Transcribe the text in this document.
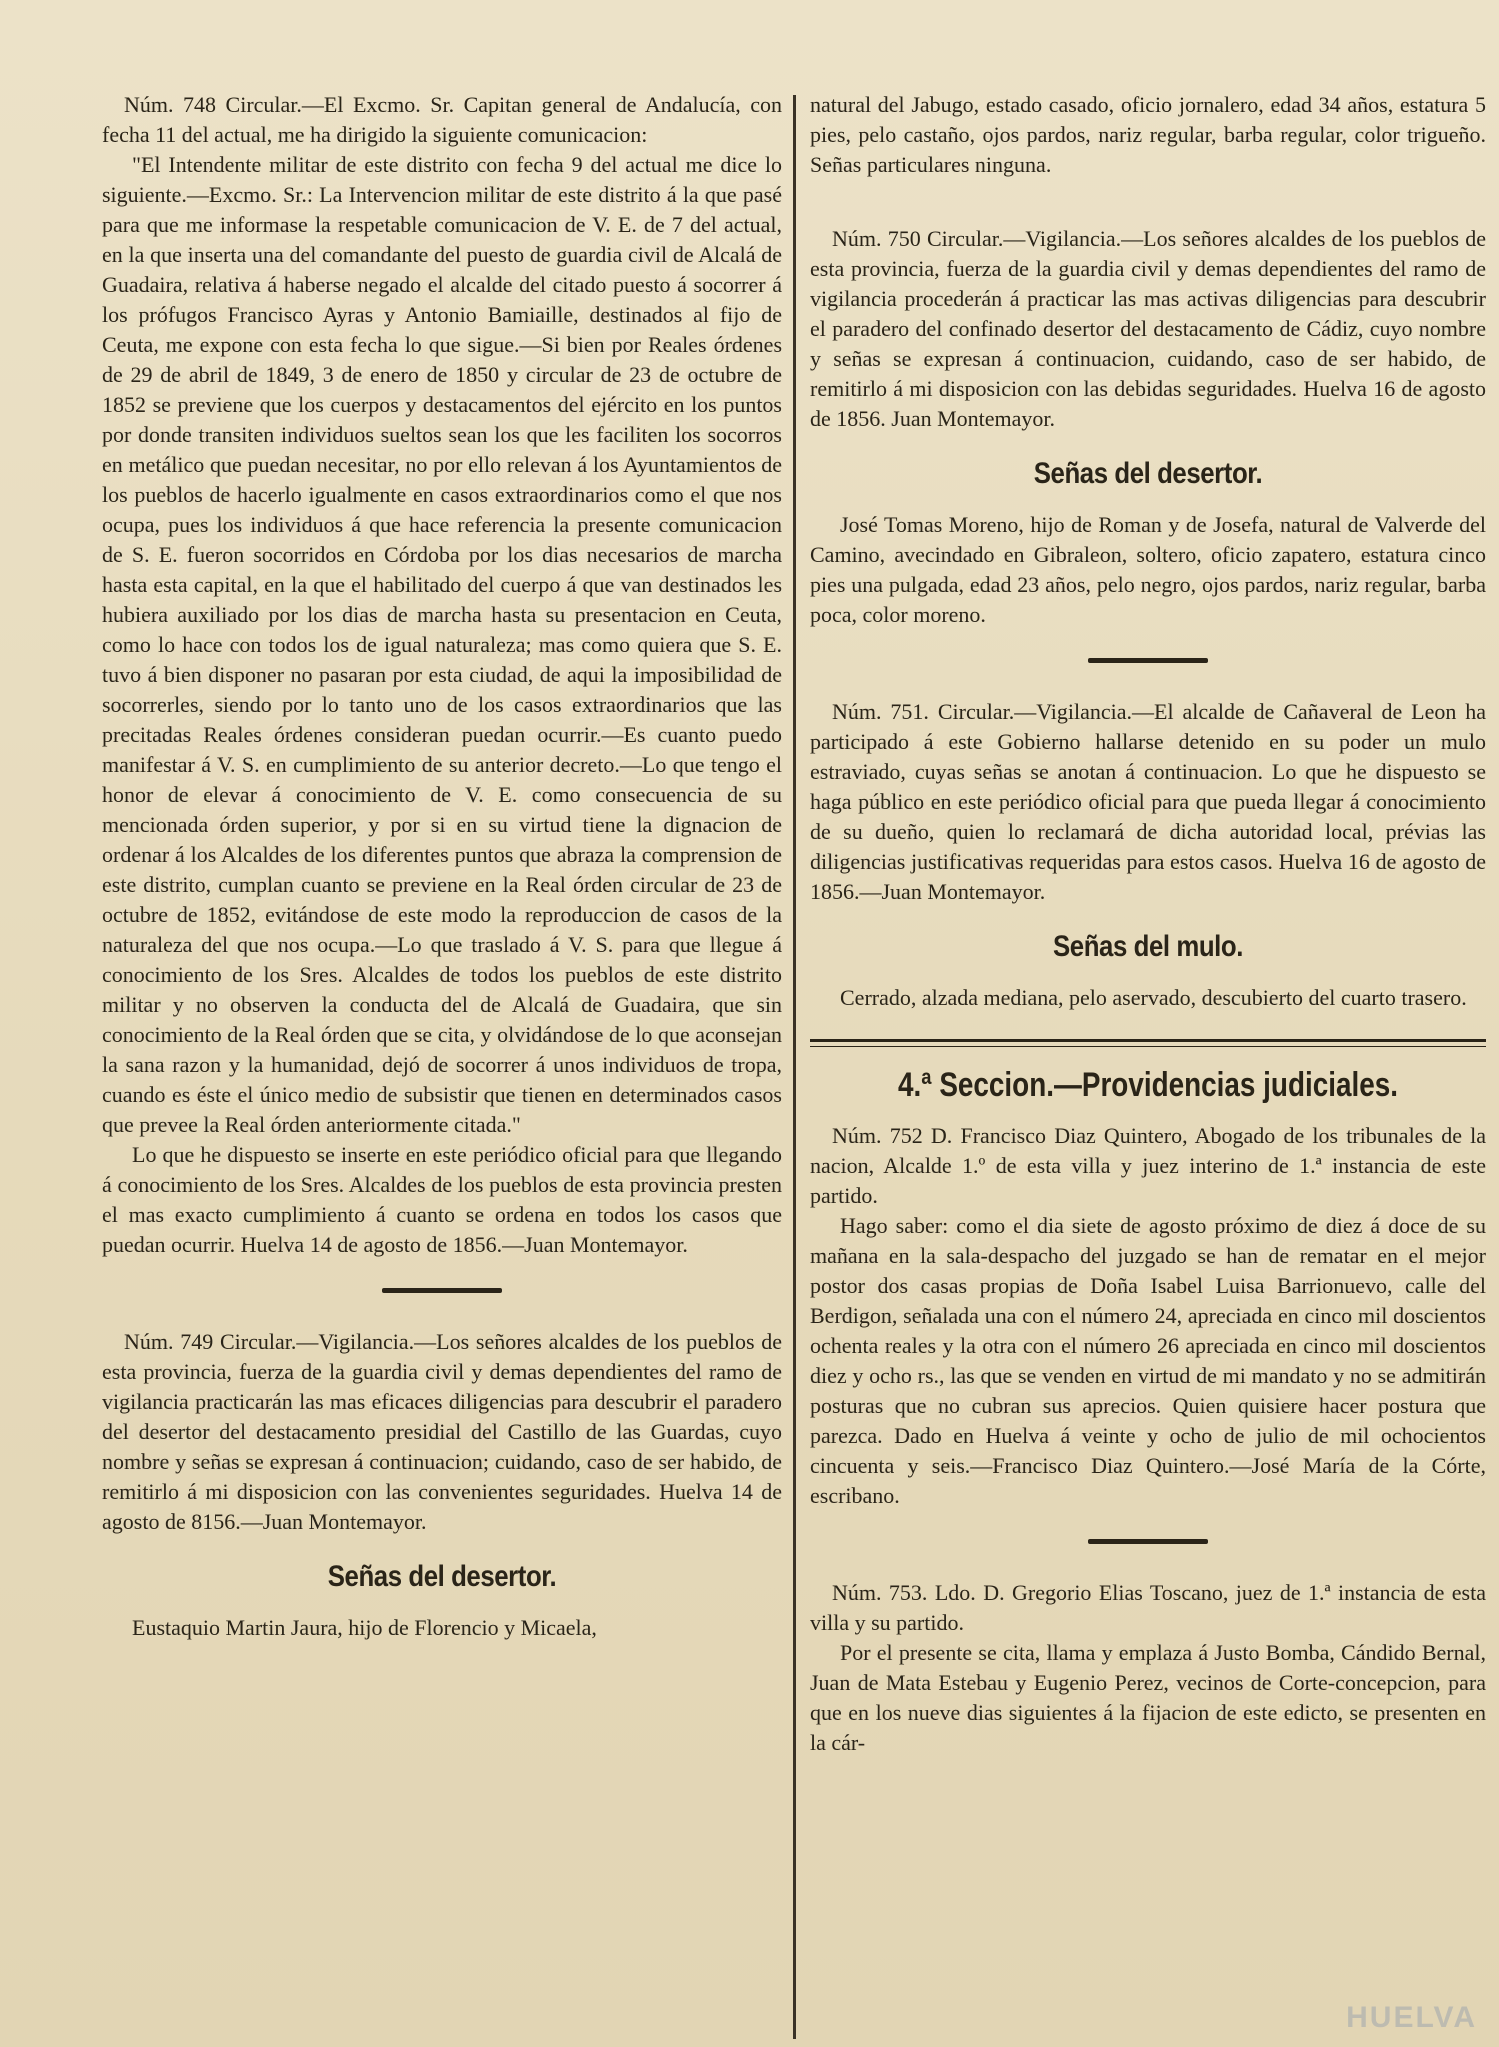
Núm. 748 Circular.—El Excmo. Sr. Capitan general de Andalucía, con fecha 11 del actual, me ha dirigido la siguiente comunicacion:

"El Intendente militar de este distrito con fecha 9 del actual me dice lo siguiente.—Excmo. Sr.: La Intervencion militar de este distrito á la que pasé para que me informase la respetable comunicacion de V. E. de 7 del actual, en la que inserta una del comandante del puesto de guardia civil de Alcalá de Guadaira, relativa á haberse negado el alcalde del citado puesto á socorrer á los prófugos Francisco Ayras y Antonio Bamiaille, destinados al fijo de Ceuta, me expone con esta fecha lo que sigue.—Si bien por Reales órdenes de 29 de abril de 1849, 3 de enero de 1850 y circular de 23 de octubre de 1852 se previene que los cuerpos y destacamentos del ejército en los puntos por donde transiten individuos sueltos sean los que les faciliten los socorros en metálico que puedan necesitar, no por ello relevan á los Ayuntamientos de los pueblos de hacerlo igualmente en casos extraordinarios como el que nos ocupa, pues los individuos á que hace referencia la presente comunicacion de S. E. fueron socorridos en Córdoba por los dias necesarios de marcha hasta esta capital, en la que el habilitado del cuerpo á que van destinados les hubiera auxiliado por los dias de marcha hasta su presentacion en Ceuta, como lo hace con todos los de igual naturaleza; mas como quiera que S. E. tuvo á bien disponer no pasaran por esta ciudad, de aqui la imposibilidad de socorrerles, siendo por lo tanto uno de los casos extraordinarios que las precitadas Reales órdenes consideran puedan ocurrir.—Es cuanto puedo manifestar á V. S. en cumplimiento de su anterior decreto.—Lo que tengo el honor de elevar á conocimiento de V. E. como consecuencia de su mencionada órden superior, y por si en su virtud tiene la dignacion de ordenar á los Alcaldes de los diferentes puntos que abraza la comprension de este distrito, cumplan cuanto se previene en la Real órden circular de 23 de octubre de 1852, evitándose de este modo la reproduccion de casos de la naturaleza del que nos ocupa.—Lo que traslado á V. S. para que llegue á conocimiento de los Sres. Alcaldes de todos los pueblos de este distrito militar y no observen la conducta del de Alcalá de Guadaira, que sin conocimiento de la Real órden que se cita, y olvidándose de lo que aconsejan la sana razon y la humanidad, dejó de socorrer á unos individuos de tropa, cuando es éste el único medio de subsistir que tienen en determinados casos que prevee la Real órden anteriormente citada."

Lo que he dispuesto se inserte en este periódico oficial para que llegando á conocimiento de los Sres. Alcaldes de los pueblos de esta provincia presten el mas exacto cumplimiento á cuanto se ordena en todos los casos que puedan ocurrir. Huelva 14 de agosto de 1856.—Juan Montemayor.

Núm. 749 Circular.—Vigilancia.—Los señores alcaldes de los pueblos de esta provincia, fuerza de la guardia civil y demas dependientes del ramo de vigilancia practicarán las mas eficaces diligencias para descubrir el paradero del desertor del destacamento presidial del Castillo de las Guardas, cuyo nombre y señas se expresan á continuacion; cuidando, caso de ser habido, de remitirlo á mi disposicion con las convenientes seguridades. Huelva 14 de agosto de 8156.—Juan Montemayor.

Señas del desertor.

Eustaquio Martin Jaura, hijo de Florencio y Micaela,

natural del Jabugo, estado casado, oficio jornalero, edad 34 años, estatura 5 pies, pelo castaño, ojos pardos, nariz regular, barba regular, color trigueño. Señas particulares ninguna.

Núm. 750 Circular.—Vigilancia.—Los señores alcaldes de los pueblos de esta provincia, fuerza de la guardia civil y demas dependientes del ramo de vigilancia procederán á practicar las mas activas diligencias para descubrir el paradero del confinado desertor del destacamento de Cádiz, cuyo nombre y señas se expresan á continuacion, cuidando, caso de ser habido, de remitirlo á mi disposicion con las debidas seguridades. Huelva 16 de agosto de 1856. Juan Montemayor.

Señas del desertor.

José Tomas Moreno, hijo de Roman y de Josefa, natural de Valverde del Camino, avecindado en Gibraleon, soltero, oficio zapatero, estatura cinco pies una pulgada, edad 23 años, pelo negro, ojos pardos, nariz regular, barba poca, color moreno.

Núm. 751. Circular.—Vigilancia.—El alcalde de Cañaveral de Leon ha participado á este Gobierno hallarse detenido en su poder un mulo estraviado, cuyas señas se anotan á continuacion. Lo que he dispuesto se haga público en este periódico oficial para que pueda llegar á conocimiento de su dueño, quien lo reclamará de dicha autoridad local, prévias las diligencias justificativas requeridas para estos casos. Huelva 16 de agosto de 1856.—Juan Montemayor.

Señas del mulo.

Cerrado, alzada mediana, pelo aservado, descubierto del cuarto trasero.

4.ª Seccion.—Providencias judiciales.

Núm. 752 D. Francisco Diaz Quintero, Abogado de los tribunales de la nacion, Alcalde 1.º de esta villa y juez interino de 1.ª instancia de este partido.

Hago saber: como el dia siete de agosto próximo de diez á doce de su mañana en la sala-despacho del juzgado se han de rematar en el mejor postor dos casas propias de Doña Isabel Luisa Barrionuevo, calle del Berdigon, señalada una con el número 24, apreciada en cinco mil doscientos ochenta reales y la otra con el número 26 apreciada en cinco mil doscientos diez y ocho rs., las que se venden en virtud de mi mandato y no se admitirán posturas que no cubran sus aprecios. Quien quisiere hacer postura que parezca. Dado en Huelva á veinte y ocho de julio de mil ochocientos cincuenta y seis.—Francisco Diaz Quintero.—José María de la Córte, escribano.

Núm. 753. Ldo. D. Gregorio Elias Toscano, juez de 1.ª instancia de esta villa y su partido.

Por el presente se cita, llama y emplaza á Justo Bomba, Cándido Bernal, Juan de Mata Estebau y Eugenio Perez, vecinos de Corte-concepcion, para que en los nueve dias siguientes á la fijacion de este edicto, se presenten en la cár-

HUELVA
